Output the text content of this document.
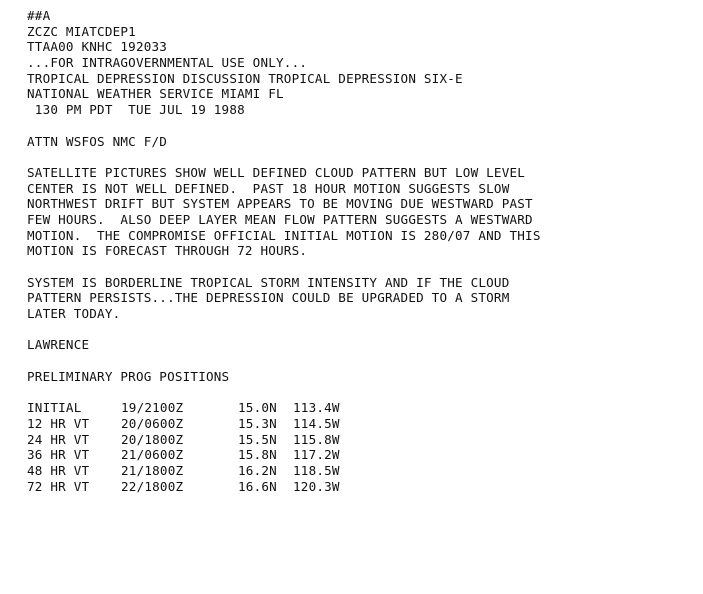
##A
ZCZC MIATCDEP1
TTAA00 KNHC 192033
...FOR INTRAGOVERNMENTAL USE ONLY...
TROPICAL DEPRESSION DISCUSSION TROPICAL DEPRESSION SIX-E
NATIONAL WEATHER SERVICE MIAMI FL
130 PM PDT  TUE JUL 19 1988
ATTN WSFOS NMC F/D
SATELLITE PICTURES SHOW WELL DEFINED CLOUD PATTERN BUT LOW LEVEL
CENTER IS NOT WELL DEFINED.  PAST 18 HOUR MOTION SUGGESTS SLOW
NORTHWEST DRIFT BUT SYSTEM APPEARS TO BE MOVING DUE WESTWARD PAST
FEW HOURS.  ALSO DEEP LAYER MEAN FLOW PATTERN SUGGESTS A WESTWARD
MOTION.  THE COMPROMISE OFFICIAL INITIAL MOTION IS 280/07 AND THIS
MOTION IS FORECAST THROUGH 72 HOURS.
SYSTEM IS BORDERLINE TROPICAL STORM INTENSITY AND IF THE CLOUD
PATTERN PERSISTS...THE DEPRESSION COULD BE UPGRADED TO A STORM
LATER TODAY.
LAWRENCE
PRELIMINARY PROG POSITIONS
INITIAL	19/2100Z	15.0N	113.4W
12 HR VT	20/0600Z	15.3N	114.5W
24 HR VT	20/1800Z	15.5N	115.8W
36 HR VT	21/0600Z	15.8N	117.2W
48 HR VT	21/1800Z	16.2N	118.5W
72 HR VT	22/1800Z	16.6N	120.3W
